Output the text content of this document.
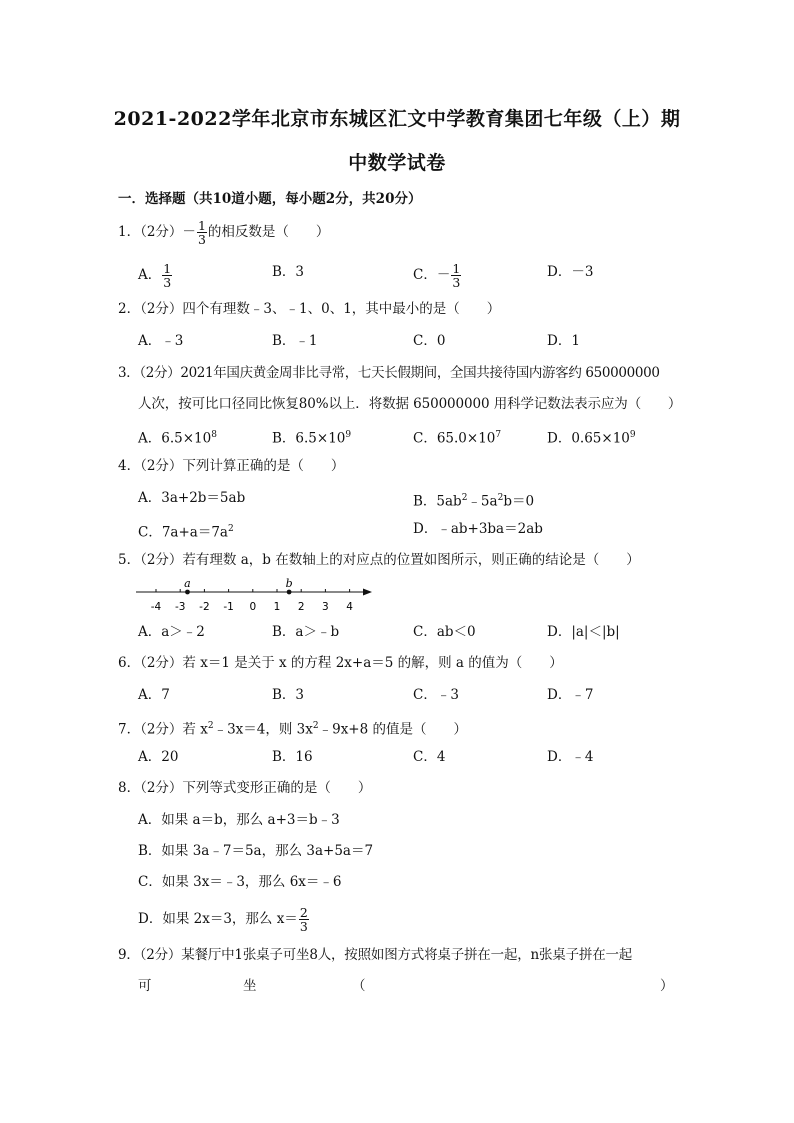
2021-2022学年北京市东城区汇文中学教育集团七年级（上）期
中数学试卷
一．选择题（共10道小题，每小题2分，共20分）
1．（2分）－ $\frac{1}{3}$ 的相反数是（　　）
A． $\frac{1}{3}$	B．3	C．－ $\frac{1}{3}$	D．－3
2．（2分）四个有理数﹣3、﹣1、0、1，其中最小的是（　　）
A．﹣3	B．﹣1	C．0	D．1
3．（2分）2021年国庆黄金周非比寻常，七天长假期间，全国共接待国内游客约 650000000
人次，按可比口径同比恢复80%以上．将数据 650000000 用科学记数法表示应为（　　）
A．$6.5\times 10^8$	B．$6.5\times 10^9$	C．$65.0\times 10^7$	D．$0.65\times 10^9$
4．（2分）下列计算正确的是（　　）
A．3a+2b＝5ab	B．$5ab^2﹣5a^2b=0$
C．$7a+a=7a^2$	D．﹣ab+3ba＝2ab
5．（2分）若有理数 a，b 在数轴上的对应点的位置如图所示，则正确的结论是（　　）
-4 -3 -2 -1 0 1 2 3 4
a	b
A．a＞﹣2	B．a＞﹣b	C．ab＜0	D．|a|＜|b|
6．（2分）若 x＝1 是关于 x 的方程 2x+a＝5 的解，则 a 的值为（　　）
A．7	B．3	C．﹣3	D．﹣7
7．（2分）若 $x^2﹣3x=4$，则 $3x^2﹣9x+8$ 的值是（　　）
A．20	B．16	C．4	D．﹣4
8．（2分）下列等式变形正确的是（　　）
A．如果 a＝b，那么 a+3＝b﹣3
B．如果 3a﹣7＝5a，那么 3a+5a＝7
C．如果 3x＝﹣3，那么 6x＝﹣6
D．如果 2x＝3，那么 $x= \frac{2}{3}$
9．（2分）某餐厅中1张桌子可坐8人，按照如图方式将桌子拼在一起，n张桌子拼在一起
可	坐	（	）
